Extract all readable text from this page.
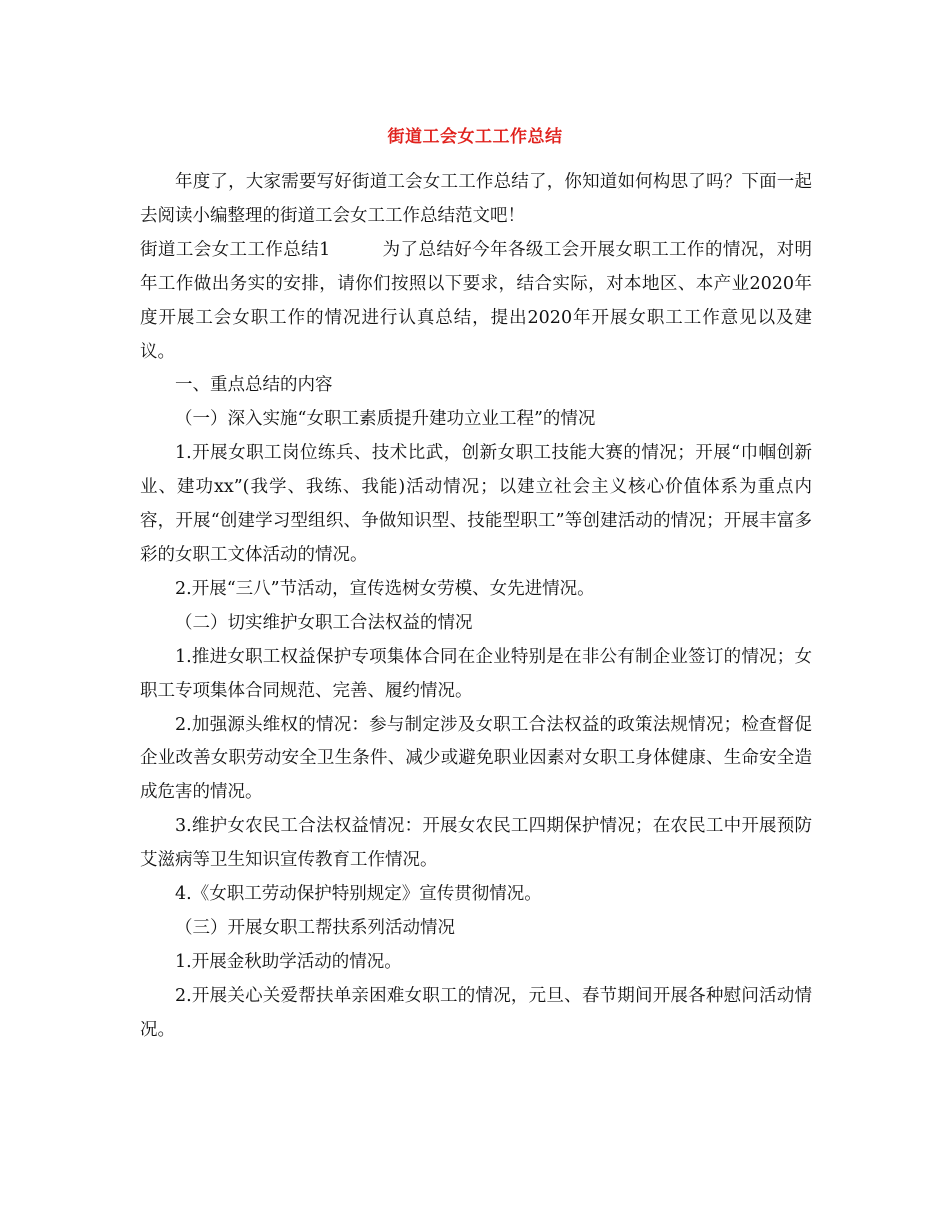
街道工会女工工作总结

年度了，大家需要写好街道工会女工工作总结了，你知道如何构思了吗？下面一起去阅读小编整理的街道工会女工工作总结范文吧！

街道工会女工工作总结1	为了总结好今年各级工会开展女职工工作的情况，对明年工作做出务实的安排，请你们按照以下要求，结合实际，对本地区、本产业2020年度开展工会女职工作的情况进行认真总结，提出2020年开展女职工工作意见以及建议。

一、重点总结的内容

（一）深入实施“女职工素质提升建功立业工程”的情况

1.开展女职工岗位练兵、技术比武，创新女职工技能大赛的情况；开展“巾帼创新业、建功xx”(我学、我练、我能)活动情况；以建立社会主义核心价值体系为重点内容，开展“创建学习型组织、争做知识型、技能型职工”等创建活动的情况；开展丰富多彩的女职工文体活动的情况。

2.开展“三八”节活动，宣传选树女劳模、女先进情况。

（二）切实维护女职工合法权益的情况

1.推进女职工权益保护专项集体合同在企业特别是在非公有制企业签订的情况；女职工专项集体合同规范、完善、履约情况。

2.加强源头维权的情况：参与制定涉及女职工合法权益的政策法规情况；检查督促企业改善女职劳动安全卫生条件、减少或避免职业因素对女职工身体健康、生命安全造成危害的情况。

3.维护女农民工合法权益情况：开展女农民工四期保护情况；在农民工中开展预防艾滋病等卫生知识宣传教育工作情况。

4.《女职工劳动保护特别规定》宣传贯彻情况。

（三）开展女职工帮扶系列活动情况

1.开展金秋助学活动的情况。

2.开展关心关爱帮扶单亲困难女职工的情况，元旦、春节期间开展各种慰问活动情况。
